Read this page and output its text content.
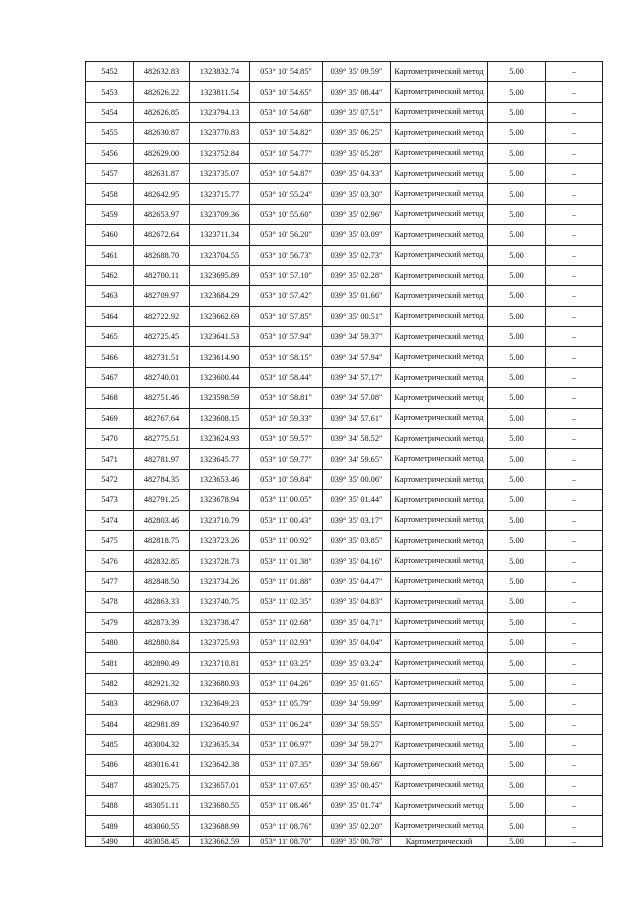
5452	482632.83	1323832.74	053° 10' 54.85"	039° 35' 09.59"	Картометрический метод	5.00	–
5453	482626.22	1323811.54	053° 10' 54.65"	039° 35' 08.44"	Картометрический метод	5.00	–
5454	482626.85	1323794.13	053° 10' 54.68"	039° 35' 07.51"	Картометрический метод	5.00	–
5455	482630.87	1323770.83	053° 10' 54.82"	039° 35' 06.25"	Картометрический метод	5.00	–
5456	482629.00	1323752.84	053° 10' 54.77"	039° 35' 05.28"	Картометрический метод	5.00	–
5457	482631.87	1323735.07	053° 10' 54.87"	039° 35' 04.33"	Картометрический метод	5.00	–
5458	482642.95	1323715.77	053° 10' 55.24"	039° 35' 03.30"	Картометрический метод	5.00	–
5459	482653.97	1323709.36	053° 10' 55.60"	039° 35' 02.96"	Картометрический метод	5.00	–
5460	482672.64	1323711.34	053° 10' 56.20"	039° 35' 03.09"	Картометрический метод	5.00	–
5461	482688.70	1323704.55	053° 10' 56.73"	039° 35' 02.73"	Картометрический метод	5.00	–
5462	482700.11	1323695.89	053° 10' 57.10"	039° 35' 02.28"	Картометрический метод	5.00	–
5463	482709.97	1323684.29	053° 10' 57.42"	039° 35' 01.66"	Картометрический метод	5.00	–
5464	482722.92	1323662.69	053° 10' 57.85"	039° 35' 00.51"	Картометрический метод	5.00	–
5465	482725.45	1323641.53	053° 10' 57.94"	039° 34' 59.37"	Картометрический метод	5.00	–
5466	482731.51	1323614.90	053° 10' 58.15"	039° 34' 57.94"	Картометрический метод	5.00	–
5467	482740.01	1323600.44	053° 10' 58.44"	039° 34' 57.17"	Картометрический метод	5.00	–
5468	482751.46	1323598.59	053° 10' 58.81"	039° 34' 57.08"	Картометрический метод	5.00	–
5469	482767.64	1323608.15	053° 10' 59.33"	039° 34' 57.61"	Картометрический метод	5.00	–
5470	482775.51	1323624.93	053° 10' 59.57"	039° 34' 58.52"	Картометрический метод	5.00	–
5471	482781.97	1323645.77	053° 10' 59.77"	039° 34' 59.65"	Картометрический метод	5.00	–
5472	482784.35	1323653.46	053° 10' 59.84"	039° 35' 00.06"	Картометрический метод	5.00	–
5473	482791.25	1323678.94	053° 11' 00.05"	039° 35' 01.44"	Картометрический метод	5.00	–
5474	482803.46	1323710.79	053° 11' 00.43"	039° 35' 03.17"	Картометрический метод	5.00	–
5475	482818.75	1323723.26	053° 11' 00.92"	039° 35' 03.85"	Картометрический метод	5.00	–
5476	482832.85	1323728.73	053° 11' 01.38"	039° 35' 04.16"	Картометрический метод	5.00	–
5477	482848.50	1323734.26	053° 11' 01.88"	039° 35' 04.47"	Картометрический метод	5.00	–
5478	482863.33	1323740.75	053° 11' 02.35"	039° 35' 04.83"	Картометрический метод	5.00	–
5479	482873.39	1323738.47	053° 11' 02.68"	039° 35' 04.71"	Картометрический метод	5.00	–
5480	482880.84	1323725.93	053° 11' 02.93"	039° 35' 04.04"	Картометрический метод	5.00	–
5481	482890.49	1323710.81	053° 11' 03.25"	039° 35' 03.24"	Картометрический метод	5.00	–
5482	482921.32	1323680.93	053° 11' 04.26"	039° 35' 01.65"	Картометрический метод	5.00	–
5483	482968.07	1323649.23	053° 11' 05.79"	039° 34' 59.99"	Картометрический метод	5.00	–
5484	482981.89	1323640.97	053° 11' 06.24"	039° 34' 59.55"	Картометрический метод	5.00	–
5485	483004.32	1323635.34	053° 11' 06.97"	039° 34' 59.27"	Картометрический метод	5.00	–
5486	483016.41	1323642.38	053° 11' 07.35"	039° 34' 59.66"	Картометрический метод	5.00	–
5487	483025.75	1323657.01	053° 11' 07.65"	039° 35' 00.45"	Картометрический метод	5.00	–
5488	483051.11	1323680.55	053° 11' 08.46"	039° 35' 01.74"	Картометрический метод	5.00	–
5489	483060.55	1323688.99	053° 11' 08.76"	039° 35' 02.20"	Картометрический метод	5.00	–
5490	483058.45	1323662.59	053° 11' 08.70"	039° 35' 00.78"	Картометрический	5.00	–
